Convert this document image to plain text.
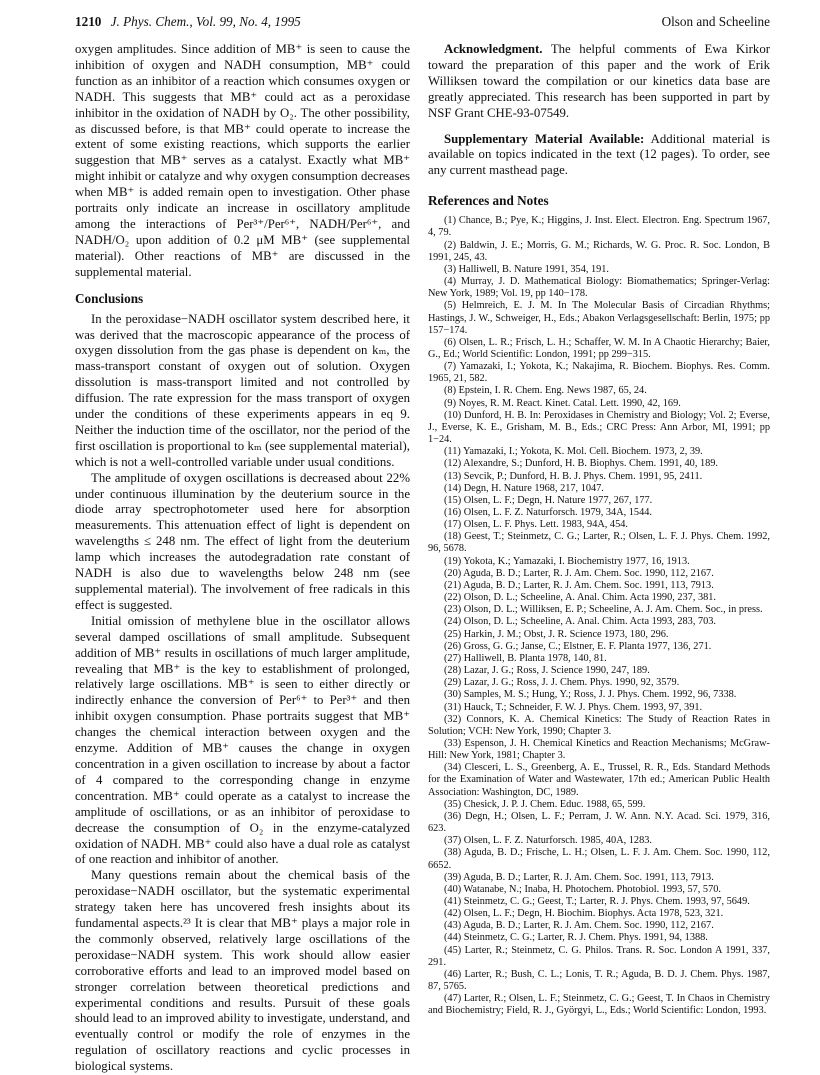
1210 J. Phys. Chem., Vol. 99, No. 4, 1995	Olson and Scheeline

oxygen amplitudes. Since addition of MB⁺ is seen to cause the inhibition of oxygen and NADH consumption, MB⁺ could function as an inhibitor of a reaction which consumes oxygen or NADH. This suggests that MB⁺ could act as a peroxidase inhibitor in the oxidation of NADH by O₂. The other possibility, as discussed before, is that MB⁺ could operate to increase the extent of some existing reactions, which supports the earlier suggestion that MB⁺ serves as a catalyst. Exactly what MB⁺ might inhibit or catalyze and why oxygen consumption decreases when MB⁺ is added remain open to investigation. Other phase portraits only indicate an increase in oscillatory amplitude among the interactions of Per³⁺/Per⁶⁺, NADH/Per⁶⁺, and NADH/O₂ upon addition of 0.2 μM MB⁺ (see supplemental material). Other reactions of MB⁺ are discussed in the supplemental material.

Conclusions

In the peroxidase−NADH oscillator system described here, it was derived that the macroscopic appearance of the process of oxygen dissolution from the gas phase is dependent on kₘ, the mass-transport constant of oxygen out of solution. Oxygen dissolution is mass-transport limited and not controlled by diffusion. The rate expression for the mass transport of oxygen under the conditions of these experiments appears in eq 9. Neither the induction time of the oscillator, nor the period of the first oscillation is proportional to kₘ (see supplemental material), which is not a well-controlled variable under usual conditions.

The amplitude of oxygen oscillations is decreased about 22% under continuous illumination by the deuterium source in the diode array spectrophotometer used here for absorption measurements. This attenuation effect of light is dependent on wavelengths ≤ 248 nm. The effect of light from the deuterium lamp which increases the autodegradation rate constant of NADH is also due to wavelengths below 248 nm (see supplemental material). The involvement of free radicals in this effect is suggested.

Initial omission of methylene blue in the oscillator allows several damped oscillations of small amplitude. Subsequent addition of MB⁺ results in oscillations of much larger amplitude, revealing that MB⁺ is the key to establishment of prolonged, relatively large oscillations. MB⁺ is seen to either directly or indirectly enhance the conversion of Per⁶⁺ to Per³⁺ and then inhibit oxygen consumption. Phase portraits suggest that MB⁺ changes the chemical interaction between oxygen and the enzyme. Addition of MB⁺ causes the change in oxygen concentration in a given oscillation to increase by about a factor of 4 compared to the corresponding change in enzyme concentration. MB⁺ could operate as a catalyst to increase the amplitude of oscillations, or as an inhibitor of peroxidase to decrease the consumption of O₂ in the enzyme-catalyzed oxidation of NADH. MB⁺ could also have a dual role as catalyst of one reaction and inhibitor of another.

Many questions remain about the chemical basis of the peroxidase−NADH oscillator, but the systematic experimental strategy taken here has uncovered fresh insights about its fundamental aspects.²³ It is clear that MB⁺ plays a major role in the commonly observed, relatively large oscillations of the peroxidase−NADH system. This work should allow easier corroborative efforts and lead to an improved model based on stronger correlation between theoretical predictions and experimental conditions and results. Pursuit of these goals should lead to an improved ability to investigate, understand, and eventually control or modify the role of enzymes in the regulation of oscillatory reactions and cyclic processes in biological systems.

Acknowledgment. The helpful comments of Ewa Kirkor toward the preparation of this paper and the work of Erik Williksen toward the compilation or our kinetics data base are greatly appreciated. This research has been supported in part by NSF Grant CHE-93-07549.

Supplementary Material Available: Additional material is available on topics indicated in the text (12 pages). To order, see any current masthead page.

References and Notes
(1) Chance, B.; Pye, K.; Higgins, J. Inst. Elect. Electron. Eng. Spectrum 1967, 4, 79.
(2) Baldwin, J. E.; Morris, G. M.; Richards, W. G. Proc. R. Soc. London, B 1991, 245, 43.
(3) Halliwell, B. Nature 1991, 354, 191.
(4) Murray, J. D. Mathematical Biology: Biomathematics; Springer-Verlag: New York, 1989; Vol. 19, pp 140−178.
(5) Helmreich, E. J. M. In The Molecular Basis of Circadian Rhythms; Hastings, J. W., Schweiger, H., Eds.; Abakon Verlagsgesellschaft: Berlin, 1975; pp 157−174.
(6) Olsen, L. R.; Frisch, L. H.; Schaffer, W. M. In A Chaotic Hierarchy; Baier, G., Ed.; World Scientific: London, 1991; pp 299−315.
(7) Yamazaki, I.; Yokota, K.; Nakajima, R. Biochem. Biophys. Res. Comm. 1965, 21, 582.
(8) Epstein, I. R. Chem. Eng. News 1987, 65, 24.
(9) Noyes, R. M. React. Kinet. Catal. Lett. 1990, 42, 169.
(10) Dunford, H. B. In: Peroxidases in Chemistry and Biology; Vol. 2; Everse, J., Everse, K. E., Grisham, M. B., Eds.; CRC Press: Ann Arbor, MI, 1991; pp 1−24.
(11) Yamazaki, I.; Yokota, K. Mol. Cell. Biochem. 1973, 2, 39.
(12) Alexandre, S.; Dunford, H. B. Biophys. Chem. 1991, 40, 189.
(13) Sevcik, P.; Dunford, H. B. J. Phys. Chem. 1991, 95, 2411.
(14) Degn, H. Nature 1968, 217, 1047.
(15) Olsen, L. F.; Degn, H. Nature 1977, 267, 177.
(16) Olsen, L. F. Z. Naturforsch. 1979, 34A, 1544.
(17) Olsen, L. F. Phys. Lett. 1983, 94A, 454.
(18) Geest, T.; Steinmetz, C. G.; Larter, R.; Olsen, L. F. J. Phys. Chem. 1992, 96, 5678.
(19) Yokota, K.; Yamazaki, I. Biochemistry 1977, 16, 1913.
(20) Aguda, B. D.; Larter, R. J. Am. Chem. Soc. 1990, 112, 2167.
(21) Aguda, B. D.; Larter, R. J. Am. Chem. Soc. 1991, 113, 7913.
(22) Olson, D. L.; Scheeline, A. Anal. Chim. Acta 1990, 237, 381.
(23) Olson, D. L.; Williksen, E. P.; Scheeline, A. J. Am. Chem. Soc., in press.
(24) Olson, D. L.; Scheeline, A. Anal. Chim. Acta 1993, 283, 703.
(25) Harkin, J. M.; Obst, J. R. Science 1973, 180, 296.
(26) Gross, G. G.; Janse, C.; Elstner, E. F. Planta 1977, 136, 271.
(27) Halliwell, B. Planta 1978, 140, 81.
(28) Lazar, J. G.; Ross, J. Science 1990, 247, 189.
(29) Lazar, J. G.; Ross, J. J. Chem. Phys. 1990, 92, 3579.
(30) Samples, M. S.; Hung, Y.; Ross, J. J. Phys. Chem. 1992, 96, 7338.
(31) Hauck, T.; Schneider, F. W. J. Phys. Chem. 1993, 97, 391.
(32) Connors, K. A. Chemical Kinetics: The Study of Reaction Rates in Solution; VCH: New York, 1990; Chapter 3.
(33) Espenson, J. H. Chemical Kinetics and Reaction Mechanisms; McGraw-Hill: New York, 1981; Chapter 3.
(34) Clesceri, L. S., Greenberg, A. E., Trussel, R. R., Eds. Standard Methods for the Examination of Water and Wastewater, 17th ed.; American Public Health Association: Washington, DC, 1989.
(35) Chesick, J. P. J. Chem. Educ. 1988, 65, 599.
(36) Degn, H.; Olsen, L. F.; Perram, J. W. Ann. N.Y. Acad. Sci. 1979, 316, 623.
(37) Olsen, L. F. Z. Naturforsch. 1985, 40A, 1283.
(38) Aguda, B. D.; Frische, L. H.; Olsen, L. F. J. Am. Chem. Soc. 1990, 112, 6652.
(39) Aguda, B. D.; Larter, R. J. Am. Chem. Soc. 1991, 113, 7913.
(40) Watanabe, N.; Inaba, H. Photochem. Photobiol. 1993, 57, 570.
(41) Steinmetz, C. G.; Geest, T.; Larter, R. J. Phys. Chem. 1993, 97, 5649.
(42) Olsen, L. F.; Degn, H. Biochim. Biophys. Acta 1978, 523, 321.
(43) Aguda, B. D.; Larter, R. J. Am. Chem. Soc. 1990, 112, 2167.
(44) Steinmetz, C. G.; Larter, R. J. Chem. Phys. 1991, 94, 1388.
(45) Larter, R.; Steinmetz, C. G. Philos. Trans. R. Soc. London A 1991, 337, 291.
(46) Larter, R.; Bush, C. L.; Lonis, T. R.; Aguda, B. D. J. Chem. Phys. 1987, 87, 5765.
(47) Larter, R.; Olsen, L. F.; Steinmetz, C. G.; Geest, T. In Chaos in Chemistry and Biochemistry; Field, R. J., Györgyi, L., Eds.; World Scientific: London, 1993.
